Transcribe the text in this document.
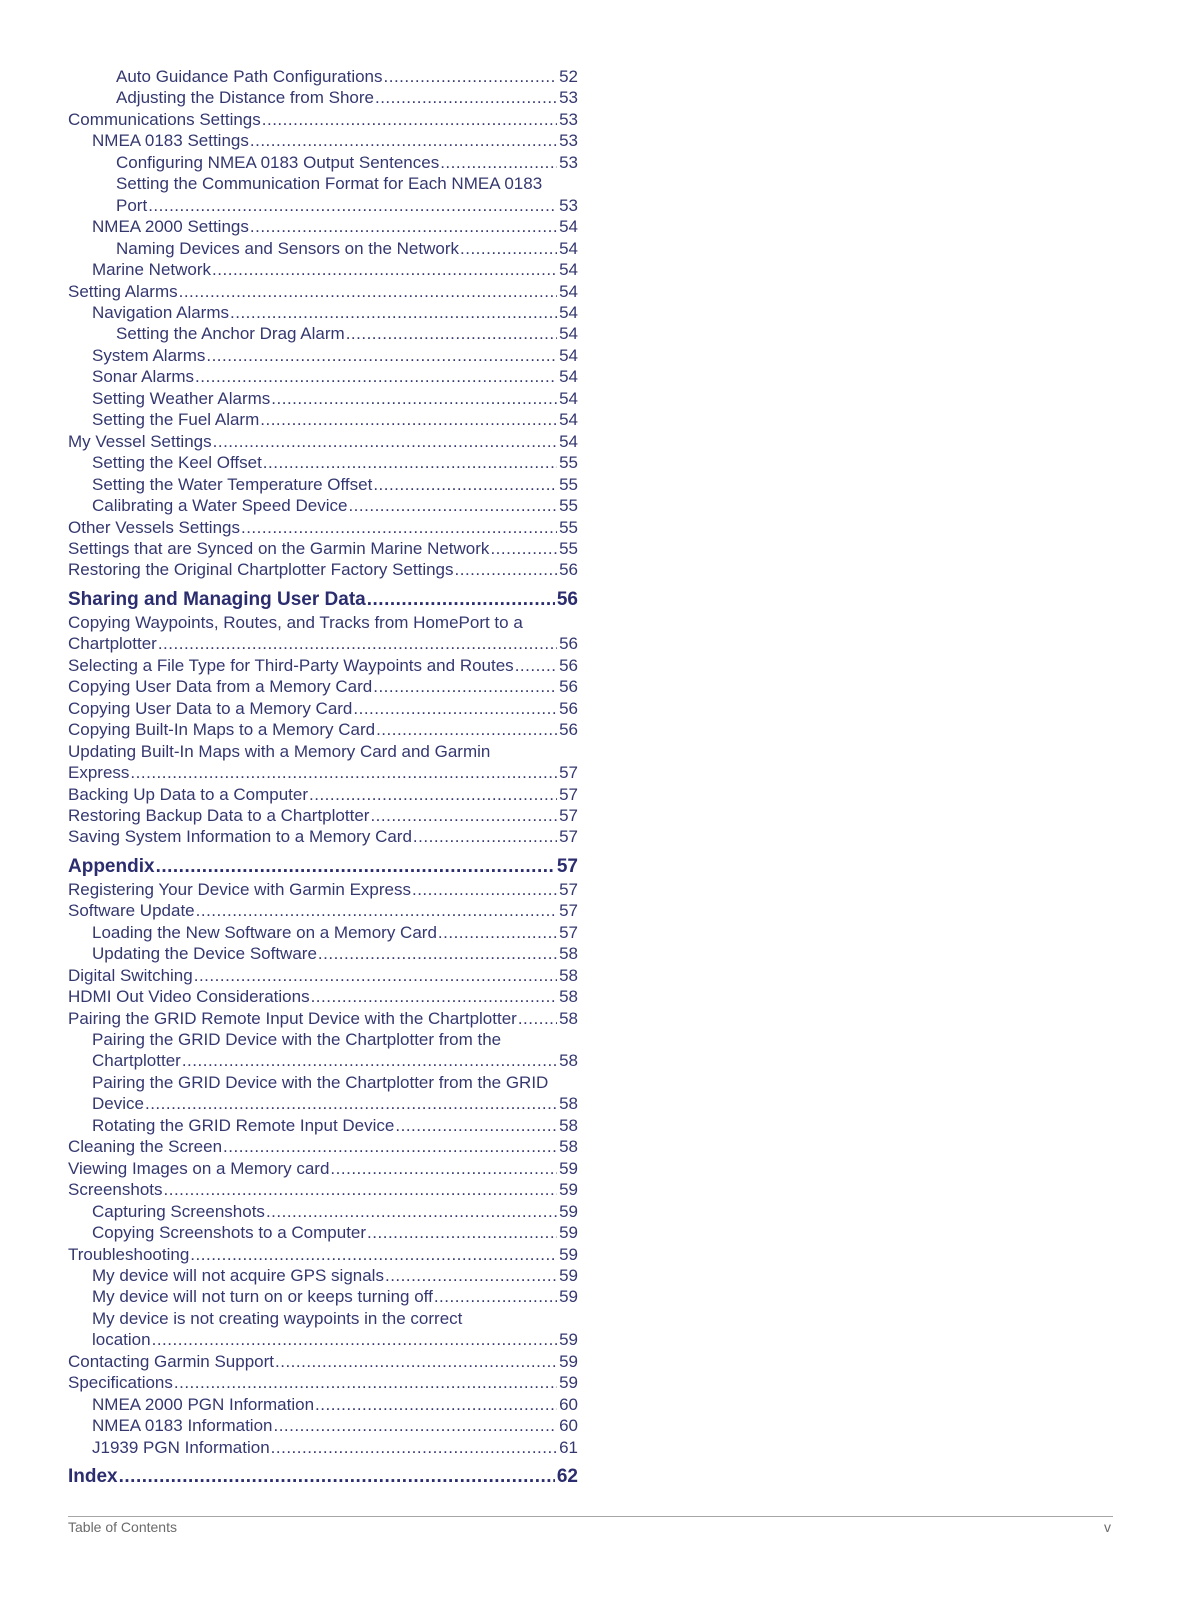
Auto Guidance Path Configurations .....	52
Adjusting the Distance from Shore .....	53
Communications Settings .....	53
NMEA 0183 Settings .....	53
Configuring NMEA 0183 Output Sentences .....	53
Setting the Communication Format for Each NMEA 0183
Port .....	53
NMEA 2000 Settings .....	54
Naming Devices and Sensors on the Network .....	54
Marine Network .....	54
Setting Alarms .....	54
Navigation Alarms .....	54
Setting the Anchor Drag Alarm .....	54
System Alarms .....	54
Sonar Alarms .....	54
Setting Weather Alarms .....	54
Setting the Fuel Alarm .....	54
My Vessel Settings .....	54
Setting the Keel Offset .....	55
Setting the Water Temperature Offset .....	55
Calibrating a Water Speed Device .....	55
Other Vessels Settings .....	55
Settings that are Synced on the Garmin Marine Network .....	55
Restoring the Original Chartplotter Factory Settings .....	56
Sharing and Managing User Data .....	56
Copying Waypoints, Routes, and Tracks from HomePort to a
Chartplotter .....	56
Selecting a File Type for Third-Party Waypoints and Routes .....	56
Copying User Data from a Memory Card .....	56
Copying User Data to a Memory Card .....	56
Copying Built-In Maps to a Memory Card .....	56
Updating Built-In Maps with a Memory Card and Garmin
Express .....	57
Backing Up Data to a Computer .....	57
Restoring Backup Data to a Chartplotter .....	57
Saving System Information to a Memory Card .....	57
Appendix .....	57
Registering Your Device with Garmin Express .....	57
Software Update .....	57
Loading the New Software on a Memory Card .....	57
Updating the Device Software .....	58
Digital Switching .....	58
HDMI Out Video Considerations .....	58
Pairing the GRID Remote Input Device with the Chartplotter ..... 58
Pairing the GRID Device with the Chartplotter from the
Chartplotter .....	58
Pairing the GRID Device with the Chartplotter from the GRID
Device .....	58
Rotating the GRID Remote Input Device .....	58
Cleaning the Screen .....	58
Viewing Images on a Memory card .....	59
Screenshots .....	59
Capturing Screenshots .....	59
Copying Screenshots to a Computer .....	59
Troubleshooting .....	59
My device will not acquire GPS signals .....	59
My device will not turn on or keeps turning off .....	59
My device is not creating waypoints in the correct
location .....	59
Contacting Garmin Support .....	59
Specifications .....	59
NMEA 2000 PGN Information .....	60
NMEA 0183 Information .....	60
J1939 PGN Information .....	61
Index .....	62
Table of Contents	v
